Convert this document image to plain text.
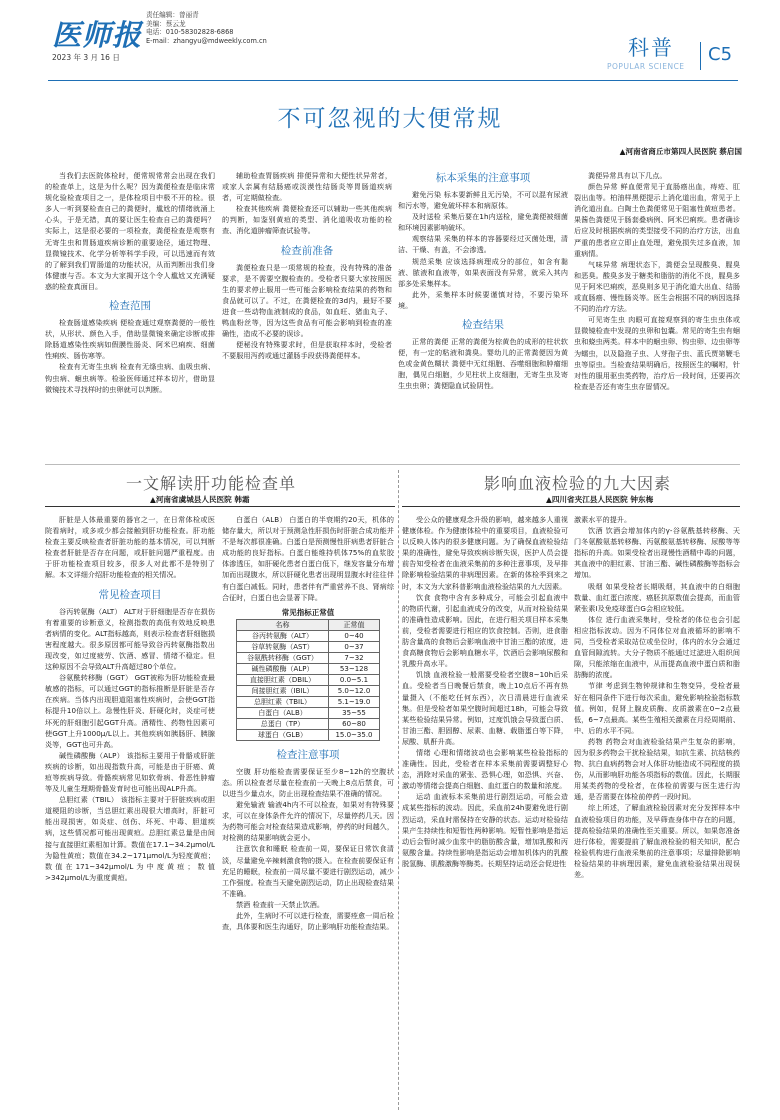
医师报
2023 年 3 月 16 日
责任编辑：曾丽青
美编：蔡云龙
电话：010-58302828-6868
E-mail：zhangyu@mdweekly.com.cn	科普
POPULAR SCIENCE
C5
不可忽视的大便常规
▲河南省商丘市第四人民医院 蔡启国

当我们去医院体检时，便常规常常会出现在我们的检查单上，这是为什么呢？因为粪便检查是临床常规化验检查项目之一，是体检项目中极不开的检。很多人一听到要检查自己的粪便时，尴尬的情绪就涌上心头，于是无措，真的要让医生检查自己的粪便吗？实际上，这是很必要的一项检查，粪便检查是观察有无寄生虫和胃肠道疾病诊断的重要途径，通过物理、显微镜技术、化学分析等科学手段，可以迅速而有效的了解到我们胃肠道的功能状况，从而判断出我们身体健康与否。本文为大家揭开这个令人尴尬又充满疑惑的检查真面目。

检查范围

检查肠道感染疾病 便检查通过观察粪便的一般性状，从形状、颜色入手，借助显微镜来确定诊断或排除肠道感染性疾病如假膜性肠炎、阿米巴痢疾、细菌性痢疾、肠伤寒等。

检查有无寄生虫病 检查有无绦虫病、血吸虫病、钩虫病、蛔虫病等。检验医师通过样本切片，借助显微镜技术寻找样时的虫卵就可以判断。

辅助检查胃肠疾病 排便异常和大便性状异常者，或家人亲属有结肠癌或淡漠性结肠炎等胃肠道疾病者，可定期做检查。

检查其他疾病 粪便检查还可以辅助一些其他疾病的判断，如鉴别黄疸的类型、消化道吸收功能的检查、消化道肿瘤筛查试验等。

检查前准备

粪便检查只是一项常规的检查，没有特殊的准备要求，是不需要空腹检查的。受检者只要大家按照医生的要求停止服用一些可能会影响检查结果的药物和食品就可以了。不过，在粪便检查的3d内，最好不要进食一些动物血液制成的食品，如血旺、猪血丸子、鸭血粉丝等，因为这些食品有可能会影响到检查的准确性，造成不必要的误诊。

便秘没有特殊要求时，但是获取样本时，受检者不要服用泻药或通过灌肠手段获得粪便样本。

标本采集的注意事项

避免污染 标本要新鲜且无污染，不可以混有尿液和污水等，避免破坏样本和病原体。

及时送检 采集后要在1h内送检，避免粪便被细菌和环境因素影响破坏。

观察结果 采集的样本的容器要经过灭菌处理，清洁、干燥、有盖，不会渗透。

规范采集 应该选择病理成分的部位，如含有黏液、脓液和血液等，如果表面没有异常，就采入其内部多处采集样本。

此外，采集样本时候要谨慎对待，不要污染环境。

检查结果

正常的粪便 正常的粪便为棕黄色的成形的柱状软便，有一定的粘液和粪臭。婴幼儿的正常粪便因为黄色或金黄色糊状 粪便中无红细胞、吞噬细胞和肿瘤细胞，偶见白细胞，少见柱状上皮细胞，无寄生虫及寄生虫虫卵；粪便隐血试验阴性。

粪便异常具有以下几点。

颜色异常 鲜血便常见于直肠癌出血，痔疮、肛裂出血等。柏油样黑便提示上消化道出血，常见于上消化道出血。白陶土色粪便常见于阻塞性黄疸患者。果酱色粪便见于肠套叠病例、阿米巴痢疾。患者确诊后应及时根据疾病的类型接受不同的治疗方法，出血严重的患者应立即止血处理，避免损失过多血液，加重病情。

气味异常 病理状态下，粪便会呈现酸臭、腥臭和恶臭。酸臭多发于糖类和脂肪的消化不良，腥臭多见于阿米巴痢疾，恶臭则多见于消化道大出血、结肠或直肠癌、慢性肠炎等。医生会根据不同的病因选择不同的治疗方法。

可见寄生虫 肉眼可直接观察到的寄生虫虫体或显微镜检查中发现的虫卵和包囊。常见的寄生虫有蛔虫和蛲虫两类。样本中的蛔虫卵、钩虫卵、边虫卵等为蠕虫，以及隐孢子虫、人芽孢子虫、蓝氏贾第鞭毛虫等原虫。当检查结果明确后，按照医生的嘱咐，针对性的服用驱虫类药物，治疗后一段时间，还要再次检查是否还有寄生虫存留情况。

一文解读肝功能检查单
▲河南省虞城县人民医院 韩霜

肝脏是人体最重要的器官之一，在日常体检或医院看病时，或多或少都会接触到肝功能检查。肝功能检查主要反映检查者肝脏功能的基本情况，可以判断检查者肝脏是否存在问题，或肝脏问题严重程度。由于肝功能检查项目较多，很多人对此都不是特别了解。本文详细介绍肝功能检查的相关情况。

常见检查项目

谷丙转氨酶（ALT） ALT对于肝细胞是否存在损伤有着重要的诊断意义，检测指数的高低有效地反映患者病情的变化。ALT指标越高，则表示检查者肝细胞损害程度越大。很多原因都可能导致谷丙转氨酶指数出现改变，如过度疲劳、饮酒、感冒、情绪不稳定。但这种原因不会导致ALT升高超过80个单位。

谷氨酰转移酶（GGT） GGT被称为肝功能检查最敏感的指标，可以通过GGT的指标推断是肝脏是否存在疾病。当体内出现胆道阻塞性疾病时，会使GGT指标提升10倍以上。急慢性肝炎、肝硬化时，炎症可使坏死的肝细胞引起GGT升高。酒精性、药物性因素可使GGT上升1000μ/L以上。其他疾病如胰肠肝、胰腺炎等，GGT也可升高。

碱性磷酸酶（ALP） 该指标主要用于骨骼或肝脏疾病的诊断，如出现指数升高，可能是由于肝癌、黄疸等疾病导致。骨骼疾病常见如软骨病、骨恶性肿瘤等及儿童生理期骨骼发育时也可能出现ALP升高。

总胆红素（TBIL） 该指标主要对于肝脏疾病或胆道梗阻的诊断，当总胆红素出现很大增高时，肝脏可能出现损害，如炎症、创伤、坏死、中毒、胆道疾病，这些情况都可能出现黄疸。总胆红素总量是由间接与直接胆红素相加计算。数值在17.1~34.2μmol/L为隐性黄疸；数值在34.2~171μmol/L为轻度黄疸；数值在171~342μmol/L为中度黄疸；数值>342μmol/L为重度黄疸。

白蛋白（ALB） 白蛋白的半衰期约20天，机体的储存量大，所以对于预测急性肝损伤时肝脏合成功能并不是每次都很准确。白蛋白是预测慢性肝病患者肝脏合成功能的良好指标。白蛋白能维持机体75%的血浆胶体渗透压，如肝硬化患者白蛋白低下，继发容量分布增加而出现腹水，所以肝硬化患者出现明显腹水时往往伴有白蛋白减低。同时，患者伴有严重营养不良、肾病综合征时，白蛋白也会显著下降。

常见指标正常值
名称	正常值
谷丙转氨酶（ALT）	0~40
谷草转氨酶（AST）	0~37
谷氨酰转移酶（GGT）	7~32
碱性磷酸酶（ALP）	53~128
直接胆红素（DBIL）	0.0~5.1
间接胆红素（IBIL）	5.0~12.0
总胆红素（TBIL）	5.1~19.0
白蛋白（ALB）	35~55
总蛋白（TP）	60~80
球蛋白（GLB）	15.0~35.0
检查注意事项

空腹 肝功能检查需要保证至少8~12h的空腹状态。所以检查者尽量在检查前一天晚上8点后禁食，可以进当少量点水，防止出现检查结果不准确的情况。

避免输液 输液4h内不可以检查，如果对有特殊要求，可以在身体条件允许的情况下，尽量停药几天。因为药物可能会对检查结果造成影响，停药的时间越久，对检测的结果影响就会更小。

注意饮食和睡眠 检查前一周，要保证日常饮食清淡，尽量避免辛辣刺激食物的摄入。在检查前要保证有充足的睡眠，检查前一周尽量不要进行剧烈运动，减少工作强度。检查当天避免剧烈运动，防止出现检查结果不准确。

禁酒 检查前一天禁止饮酒。

此外，生病时不可以进行检查，需要痊愈一周后检查，具体要和医生沟通好，防止影响肝功能检查结果。

影响血液检验的九大因素
▲四川省夹江县人民医院 钟东梅

受公众的健康观念升级的影响，越来越多人重视健康体检。作为健康体检中的重要项目，血液检验可以反映人体内的很多健康问题。为了确保血液检验结果的准确性，避免导致疾病诊断失误，医护人员会提前告知受检者在血液采集前的多种注意事项，及早排除影响检验结果的非病理因素。在新的体检季到来之时，本文为大家科普影响血液检验结果的九大因素。

饮食 食物中含有多种成分，可能会引起血液中的物质代谢，引起血液成分的改变，从而对检验结果的准确性造成影响。因此，在进行相关项目样本采集前，受检者需要进行相应的饮食控制。否则，进食脂肪含量高的食物后会影响血液中甘油三酯的浓度，进食高糖食物后会影响血糖水平，饮酒后会影响尿酸和乳酸升高水平。

饥饿 血液检验一般需要受检者空腹8~10h后采血。受检者当日晚餐后禁食，晚上10点后不再有热量摄入（不能吃任何东西），次日清晨进行血液采集。但是受检者如果空腹时间超过18h，可能会导致某些检验结果异常。例如，过度饥饿会导致蛋白质、甘油三酯、胆固醇、尿素、血糖、载脂蛋白等下降，尿酸、肌酐升高。

情绪 心理和情绪波动也会影响某些检验指标的准确性。因此，受检者在样本采集前需要调整好心态，消除对采血的紧张、恐惧心理，如恐惧、兴奋、激动等情绪会提高白细胞、血红蛋白的数量和浓度。

运动 血液标本采集前进行剧烈运动，可能会造成某些指标的波动。因此，采血前24h要避免进行剧烈运动，采血时需保持在安静的状态。运动对检验结果产生持续性和短暂性两种影响。短暂性影响是指运动后会暂时减少血浆中的脂肪酸含量，增加乳酸和丙氨酸含量。持续性影响是指运动会增加机体内的乳酸脱氢酶、肌酸激酶等酶类。长期坚持运动还会促进性

激素水平的提升。

饮酒 饮酒会增加体内的γ-谷氨酰基转移酶、天门冬氨酸氨基转移酶、丙氨酸氨基转移酶、尿酸等等指标的升高。如果受检者出现慢性酒精中毒的问题，其血液中的胆红素、甘油三酯、碱性磷酸酶等指标会增加。

吸烟 如果受检者长期吸烟，其血液中的白细胞数量、血红蛋白浓度、癌胚抗原数值会提高，而血管紧张素Ⅰ及免疫球蛋白G会相应较低。

体位 进行血液采集时，受检者的体位也会引起相应指标波动。因为不同体位对血液循环的影响不同，当受检者采取站位或坐位时，体内的水分会通过血管间隙流转。大分子物质不能通过过滤进入组织间隙，只能浓缩在血液中，从而提高血液中蛋白质和脂肪酶的浓度。

节律 考虑到生物钟规律和生物变异，受检者最好在相同条件下进行每次采血，避免影响检验指标数值。例如，促肾上腺皮质酶、皮质激素在0~2点最低，6~7点最高。某些生殖相关激素在月经周期前、中、后的水平不同。

药物 药物会对血液检验结果产生复杂的影响，因为很多药物会干扰检验结果，如抗生素、抗结核药物、抗白血病药物会对人体肝功能造成不同程度的损伤，从而影响肝功能各项指标的数值。因此，长期服用某类药物的受检者，在体检前需要与医生进行沟通，是否需要在体检前停药一段时间。

综上所述，了解血液检验因素对充分发挥样本中血液检验项目的功能，及早筛查身体中存在的问题，提高检验结果的准确性至关重要。所以，如果您准备进行体检，需要提前了解血液检验的相关知识，配合检验机构进行血液采集前的注意事项；尽量排除影响检验结果的非病理因素，避免血液检验结果出现误差。
